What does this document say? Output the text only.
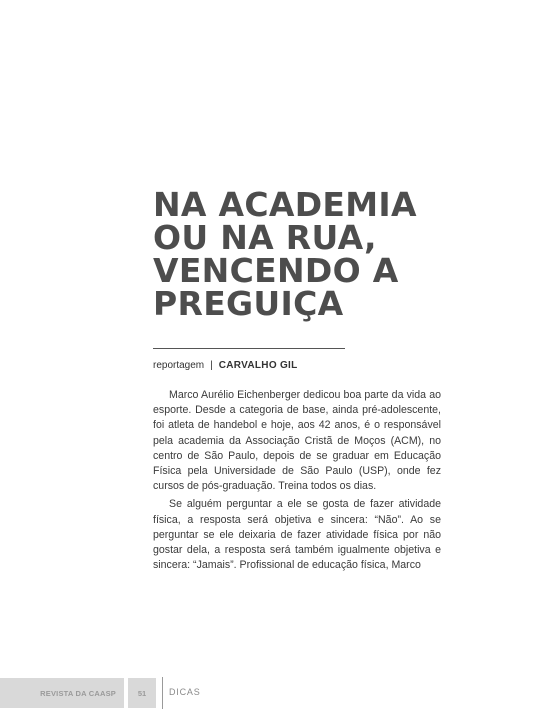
NA ACADEMIA
OU NA RUA,
VENCENDO A
PREGUIÇA
reportagem | CARVALHO GIL

Marco Aurélio Eichenberger dedicou boa parte da vida ao esporte. Desde a categoria de base, ainda pré-adolescente, foi atleta de handebol e hoje, aos 42 anos, é o responsável pela academia da Associação Cristã de Moços (ACM), no centro de São Paulo, depois de se graduar em Educação Física pela Universidade de São Paulo (USP), onde fez cursos de pós-graduação. Treina todos os dias.

Se alguém perguntar a ele se gosta de fazer atividade física, a resposta será objetiva e sincera: “Não”. Ao se perguntar se ele deixaria de fazer atividade física por não gostar dela, a resposta será também igualmente objetiva e sincera: “Jamais”. Profissional de educação física, Marco

REVISTA DA CAASP	51	DICAS
